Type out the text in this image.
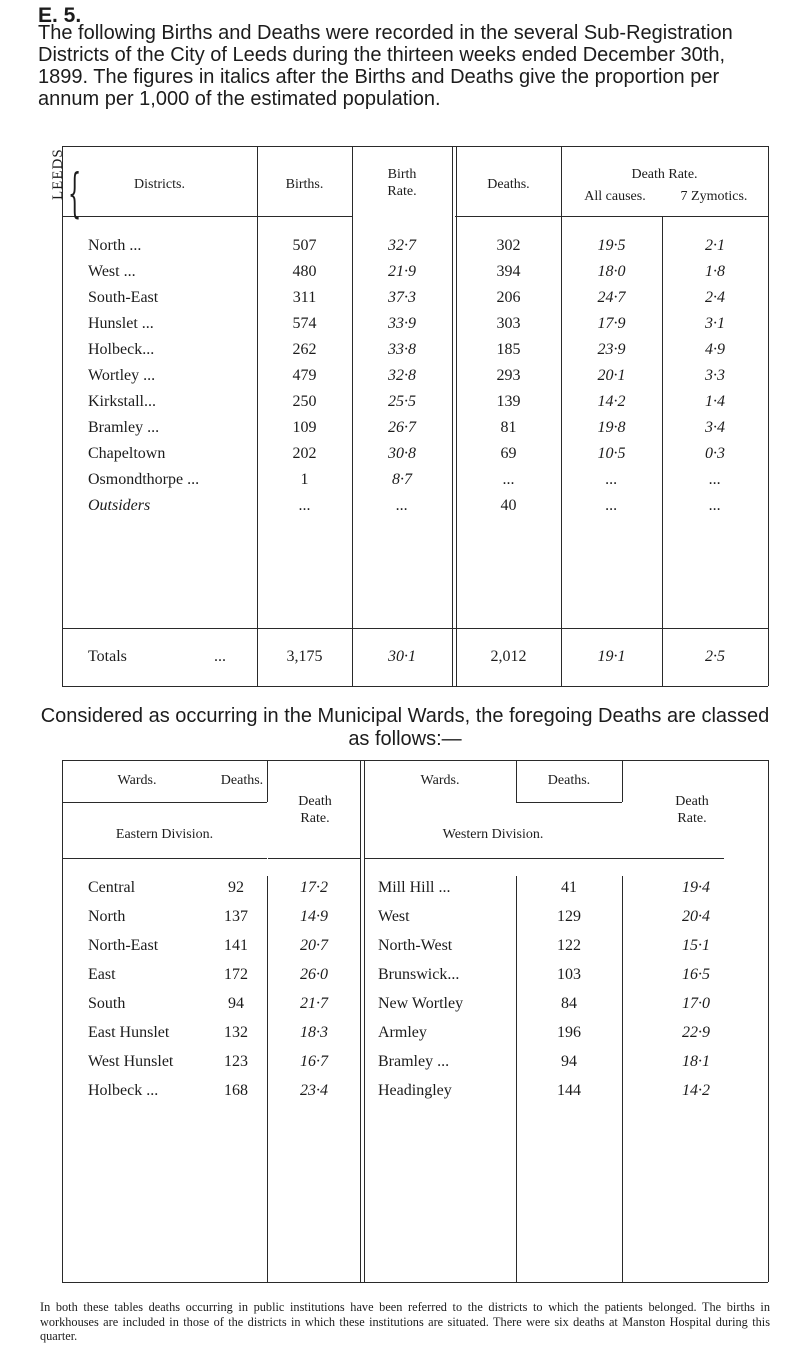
E. 5.

The following Births and Deaths were recorded in the several Sub-Registration Districts of the City of Leeds during the thirteen weeks ended December 30th, 1899. The figures in italics after the Births and Deaths give the proportion per annum per 1,000 of the estimated population.

Districts.	Births.
Birth Rate.	Deaths.
Death Rate.
All causes.	7 Zymotics.
LEEDS {
North ...	507	32·7	302	19·5	2·1
West ...	480	21·9	394	18·0	1·8
South-East	311	37·3	206	24·7	2·4
Hunslet ...	574	33·9	303	17·9	3·1
Holbeck...	262	33·8	185	23·9	4·9
Wortley ...	479	32·8	293	20·1	3·3
Kirkstall...	250	25·5	139	14·2	1·4
Bramley ...	109	26·7	81	19·8	3·4
Chapeltown	202	30·8	69	10·5	0·3
Osmondthorpe ...	1	8·7	...	...	...
Outsiders	...	...	40	...	...
Totals	...	3,175	30·1	2,012	19·1	2·5

Considered as occurring in the Municipal Wards, the foregoing Deaths are classed as follows:—

Wards.	Deaths.
Death Rate.
Eastern Division.
Wards.	Deaths.
Death Rate.
Western Division.
Central	92	17·2	Mill Hill ...	41	19·4
North	137	14·9	West	129	20·4
North-East	141	20·7	North-West	122	15·1
East	172	26·0	Brunswick...	103	16·5
South	94	21·7	New Wortley	84	17·0
East Hunslet	132	18·3	Armley	196	22·9
West Hunslet	123	16·7	Bramley ...	94	18·1
Holbeck ...	168	23·4	Headingley	144	14·2

In both these tables deaths occurring in public institutions have been referred to the districts to which the patients belonged. The births in workhouses are included in those of the districts in which these institutions are situated. There were six deaths at Manston Hospital during this quarter.
